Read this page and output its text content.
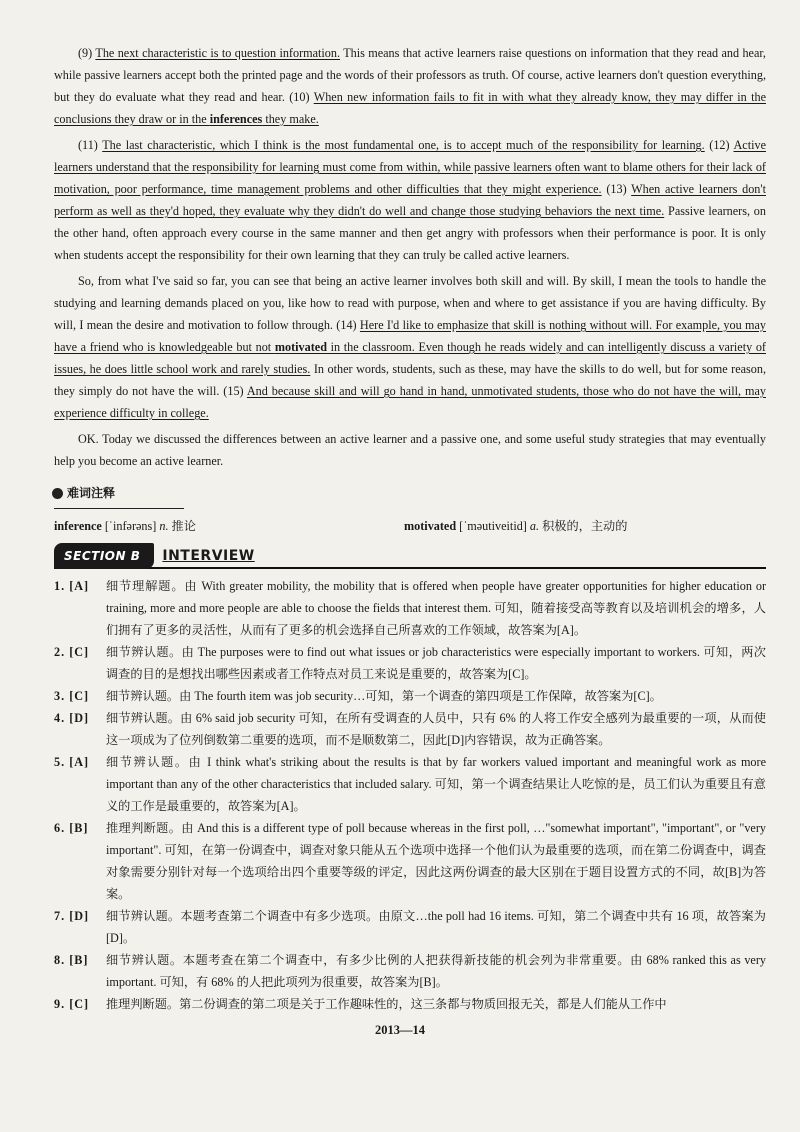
(9) The next characteristic is to question information. This means that active learners raise questions on information that they read and hear, while passive learners accept both the printed page and the words of their professors as truth. Of course, active learners don't question everything, but they do evaluate what they read and hear. (10) When new information fails to fit in with what they already know, they may differ in the conclusions they draw or in the inferences they make.

(11) The last characteristic, which I think is the most fundamental one, is to accept much of the responsibility for learning. (12) Active learners understand that the responsibility for learning must come from within, while passive learners often want to blame others for their lack of motivation, poor performance, time management problems and other difficulties that they might experience. (13) When active learners don't perform as well as they'd hoped, they evaluate why they didn't do well and change those studying behaviors the next time. Passive learners, on the other hand, often approach every course in the same manner and then get angry with professors when their performance is poor. It is only when students accept the responsibility for their own learning that they can truly be called active learners.

So, from what I've said so far, you can see that being an active learner involves both skill and will. By skill, I mean the tools to handle the studying and learning demands placed on you, like how to read with purpose, when and where to get assistance if you are having difficulty. By will, I mean the desire and motivation to follow through. (14) Here I'd like to emphasize that skill is nothing without will. For example, you may have a friend who is knowledgeable but not motivated in the classroom. Even though he reads widely and can intelligently discuss a variety of issues, he does little school work and rarely studies. In other words, students, such as these, may have the skills to do well, but for some reason, they simply do not have the will. (15) And because skill and will go hand in hand, unmotivated students, those who do not have the will, may experience difficulty in college.

OK. Today we discussed the differences between an active learner and a passive one, and some useful study strategies that may eventually help you become an active learner.

难词注释
inference [ˈinfərəns] n. 推论	motivated [ˈməutiveitid] a. 积极的，主动的
SECTION B	INTERVIEW
1. [A]	细节理解题。由 With greater mobility, the mobility that is offered when people have greater opportunities for higher education or training, more and more people are able to choose the fields that interest them. 可知，随着接受高等教育以及培训机会的增多，人们拥有了更多的灵活性，从而有了更多的机会选择自己所喜欢的工作领域，故答案为[A]。
2. [C]	细节辨认题。由 The purposes were to find out what issues or job characteristics were especially important to workers. 可知，两次调查的目的是想找出哪些因素或者工作特点对员工来说是重要的，故答案为[C]。
3. [C]	细节辨认题。由 The fourth item was job security…可知，第一个调查的第四项是工作保障，故答案为[C]。
4. [D]	细节辨认题。由 6% said job security 可知，在所有受调查的人员中，只有 6% 的人将工作安全感列为最重要的一项，从而使这一项成为了位列倒数第二重要的选项，而不是顺数第二，因此[D]内容错误，故为正确答案。
5. [A]	细节辨认题。由 I think what's striking about the results is that by far workers valued important and meaningful work as more important than any of the other characteristics that included salary. 可知，第一个调查结果让人吃惊的是，员工们认为重要且有意义的工作是最重要的，故答案为[A]。
6. [B]	推理判断题。由 And this is a different type of poll because whereas in the first poll, …"somewhat important", "important", or "very important". 可知，在第一份调查中，调查对象只能从五个选项中选择一个他们认为最重要的选项，而在第二份调查中，调查对象需要分别针对每一个选项给出四个重要等级的评定，因此这两份调查的最大区别在于题目设置方式的不同，故[B]为答案。
7. [D]	细节辨认题。本题考查第二个调查中有多少选项。由原文…the poll had 16 items. 可知，第二个调查中共有 16 项，故答案为[D]。
8. [B]	细节辨认题。本题考查在第二个调查中，有多少比例的人把获得新技能的机会列为非常重要。由 68% ranked this as very important. 可知，有 68% 的人把此项列为很重要，故答案为[B]。
9. [C]	推理判断题。第二份调查的第二项是关于工作趣味性的，这三条都与物质回报无关，都是人们能从工作中
2013—14
